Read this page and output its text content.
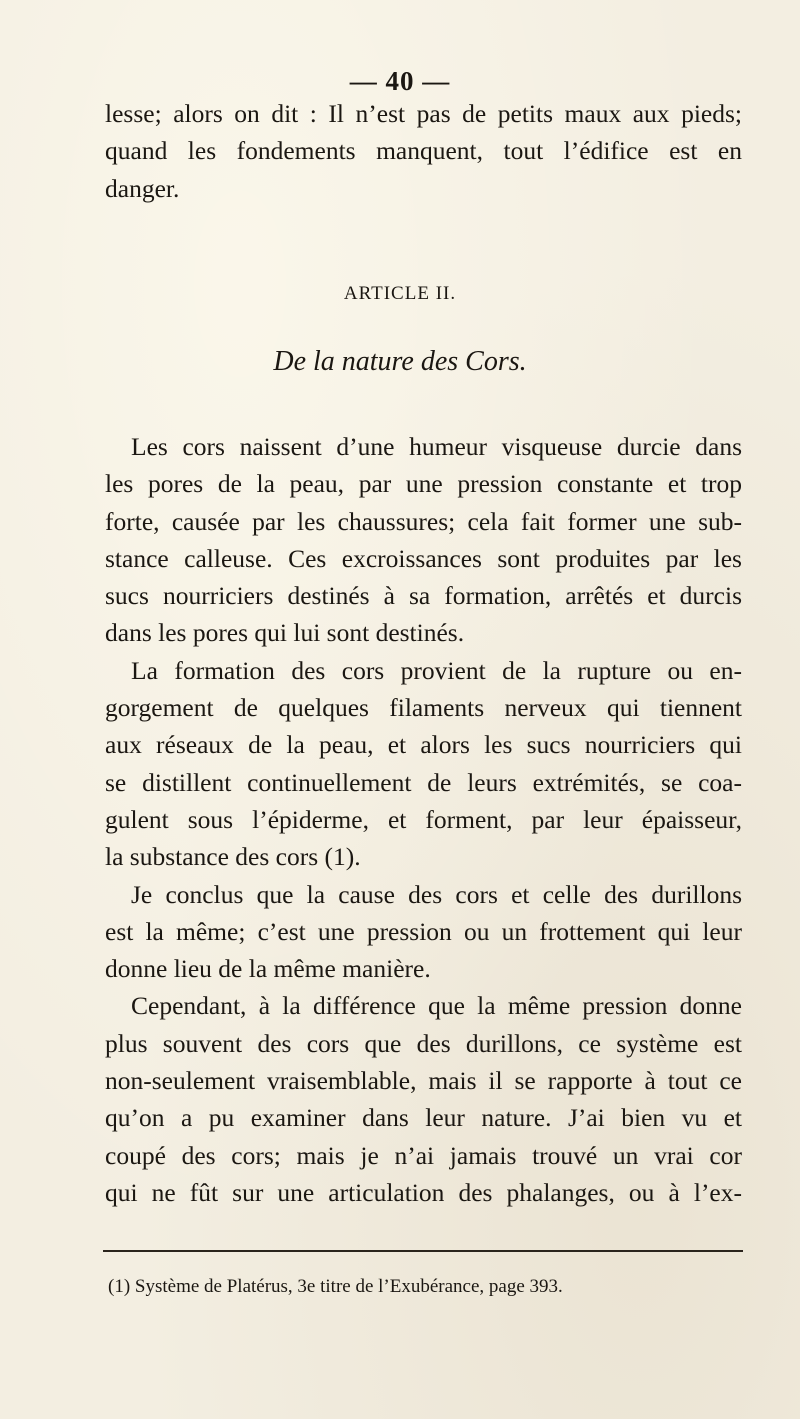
— 40 —
lesse; alors on dit : Il n’est pas de petits maux aux pieds;
quand les fondements manquent, tout l’édifice est en
danger.
ARTICLE II.
De la nature des Cors.
Les cors naissent d’une humeur visqueuse durcie dans
les pores de la peau, par une pression constante et trop
forte, causée par les chaussures; cela fait former une sub-
stance calleuse. Ces excroissances sont produites par les
sucs nourriciers destinés à sa formation, arrêtés et durcis
dans les pores qui lui sont destinés.
La formation des cors provient de la rupture ou en-
gorgement de quelques filaments nerveux qui tiennent
aux réseaux de la peau, et alors les sucs nourriciers qui
se distillent continuellement de leurs extrémités, se coa-
gulent sous l’épiderme, et forment, par leur épaisseur,
la substance des cors (1).
Je conclus que la cause des cors et celle des durillons
est la même; c’est une pression ou un frottement qui leur
donne lieu de la même manière.
Cependant, à la différence que la même pression donne
plus souvent des cors que des durillons, ce système est
non-seulement vraisemblable, mais il se rapporte à tout ce
qu’on a pu examiner dans leur nature. J’ai bien vu et
coupé des cors; mais je n’ai jamais trouvé un vrai cor
qui ne fût sur une articulation des phalanges, ou à l’ex-
(1) Système de Platérus, 3e titre de l’Exubérance, page 393.
